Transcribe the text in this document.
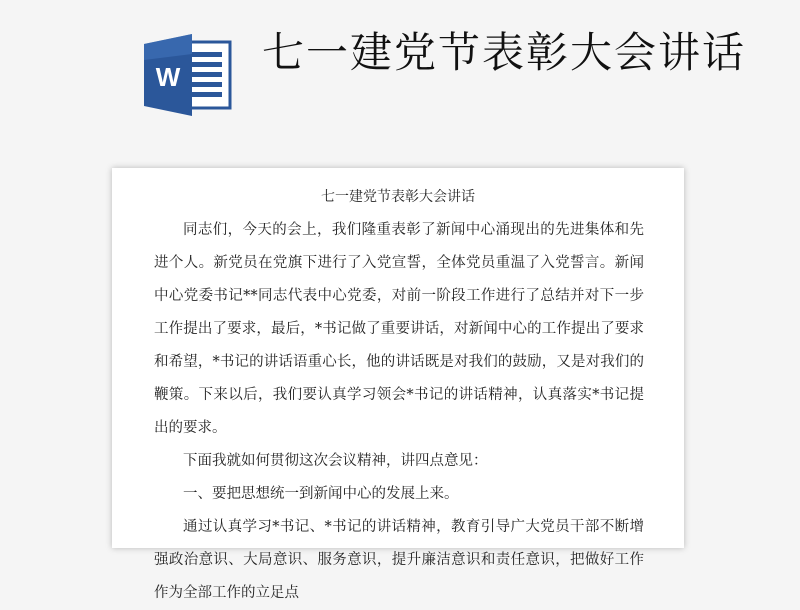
W 七一建党节表彰大会讲话
七一建党节表彰大会讲话

同志们，今天的会上，我们隆重表彰了新闻中心涌现出的先进集体和先进个人。新党员在党旗下进行了入党宣誓，全体党员重温了入党誓言。新闻中心党委书记**同志代表中心党委，对前一阶段工作进行了总结并对下一步工作提出了要求，最后，*书记做了重要讲话，对新闻中心的工作提出了要求和希望，*书记的讲话语重心长，他的讲话既是对我们的鼓励，又是对我们的鞭策。下来以后，我们要认真学习领会*书记的讲话精神，认真落实*书记提出的要求。

下面我就如何贯彻这次会议精神，讲四点意见：

一、要把思想统一到新闻中心的发展上来。

通过认真学习*书记、*书记的讲话精神，教育引导广大党员干部不断增强政治意识、大局意识、服务意识，提升廉洁意识和责任意识，把做好工作作为全部工作的立足点
